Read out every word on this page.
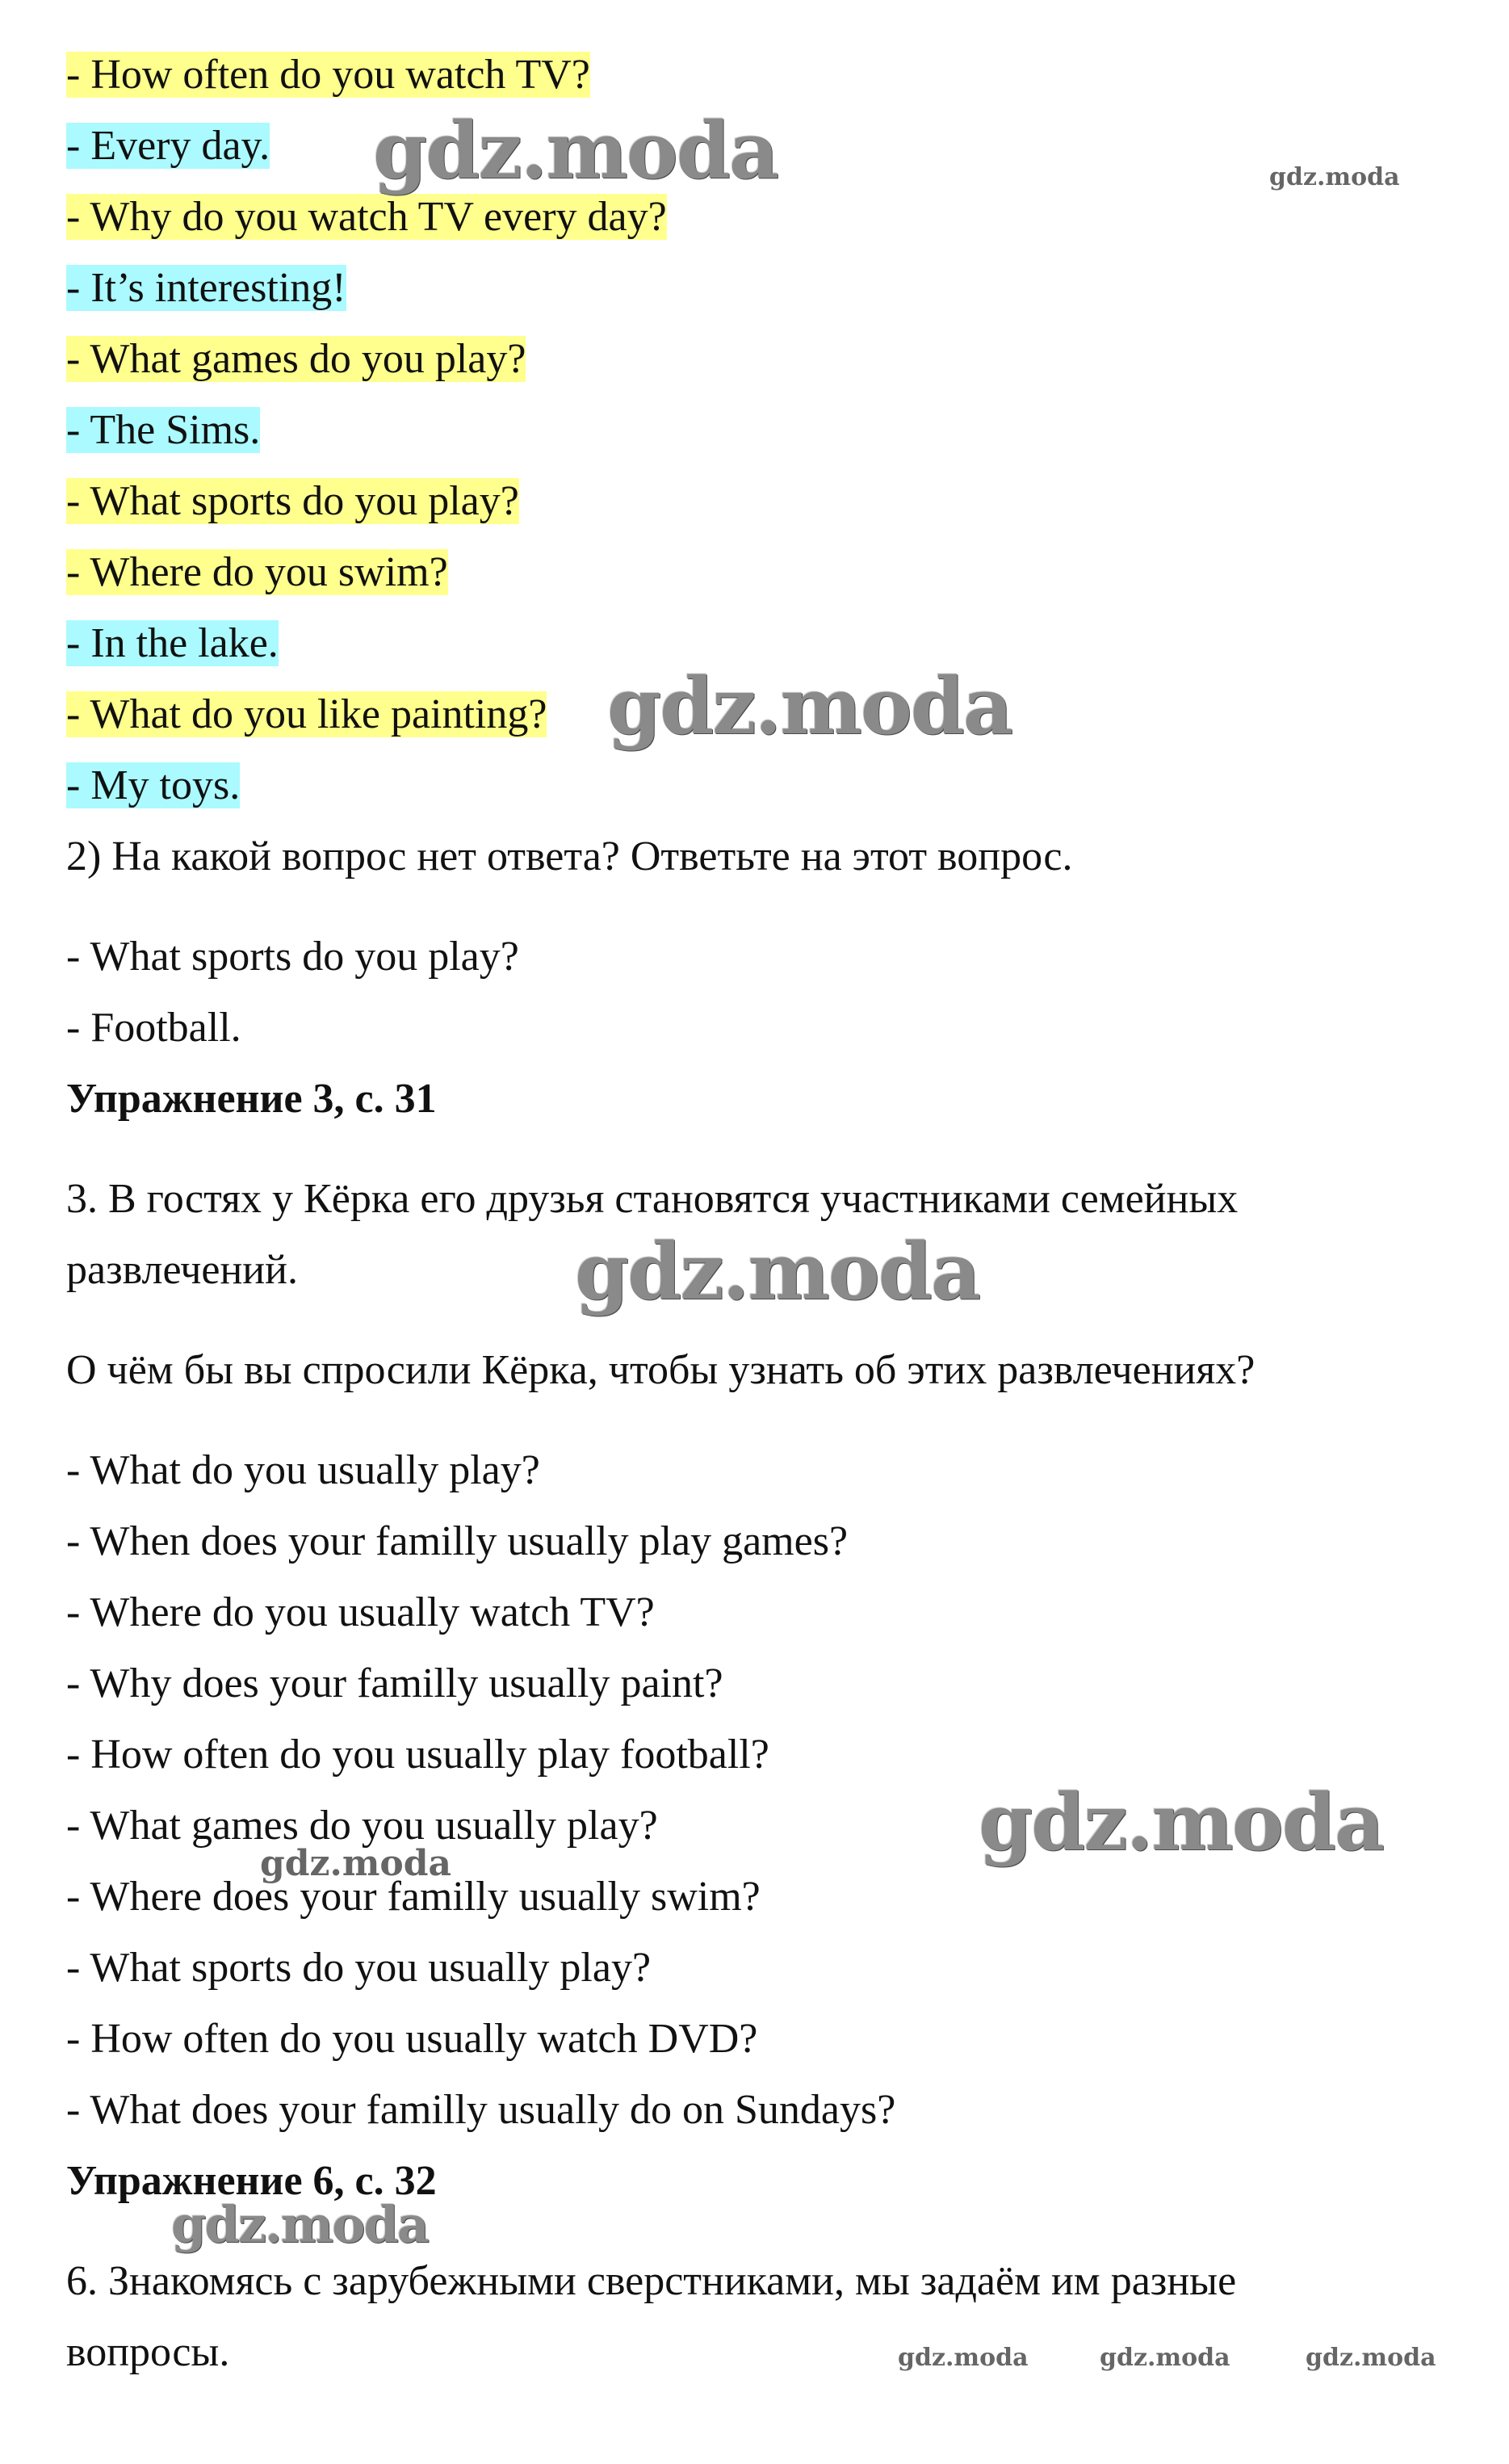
- How often do you watch TV?
- Every day.
- Why do you watch TV every day?
- It’s interesting!
- What games do you play?
- The Sims.
- What sports do you play?
- Where do you swim?
- In the lake.
- What do you like painting?
- My toys.
2) На какой вопрос нет ответа? Ответьте на этот вопрос.
- What sports do you play?
- Football.
Упражнение 3, с. 31
3. В гостях у Кёрка его друзья становятся участниками семейных
развлечений.
О чём бы вы спросили Кёрка, чтобы узнать об этих развлечениях?
- What do you usually play?
- When does your familly usually play games?
- Where do you usually watch TV?
- Why does your familly usually paint?
- How often do you usually play football?
- What games do you usually play?
- Where does your familly usually swim?
- What sports do you usually play?
- How often do you usually watch DVD?
- What does your familly usually do on Sundays?
Упражнение 6, с. 32
6. Знакомясь с зарубежными сверстниками, мы задаём им разные
вопросы.
gdz.moda	gdz.moda
gdz.moda
gdz.moda
gdz.moda
gdz.moda
gdz.moda
gdz.moda	gdz.moda	gdz.moda
